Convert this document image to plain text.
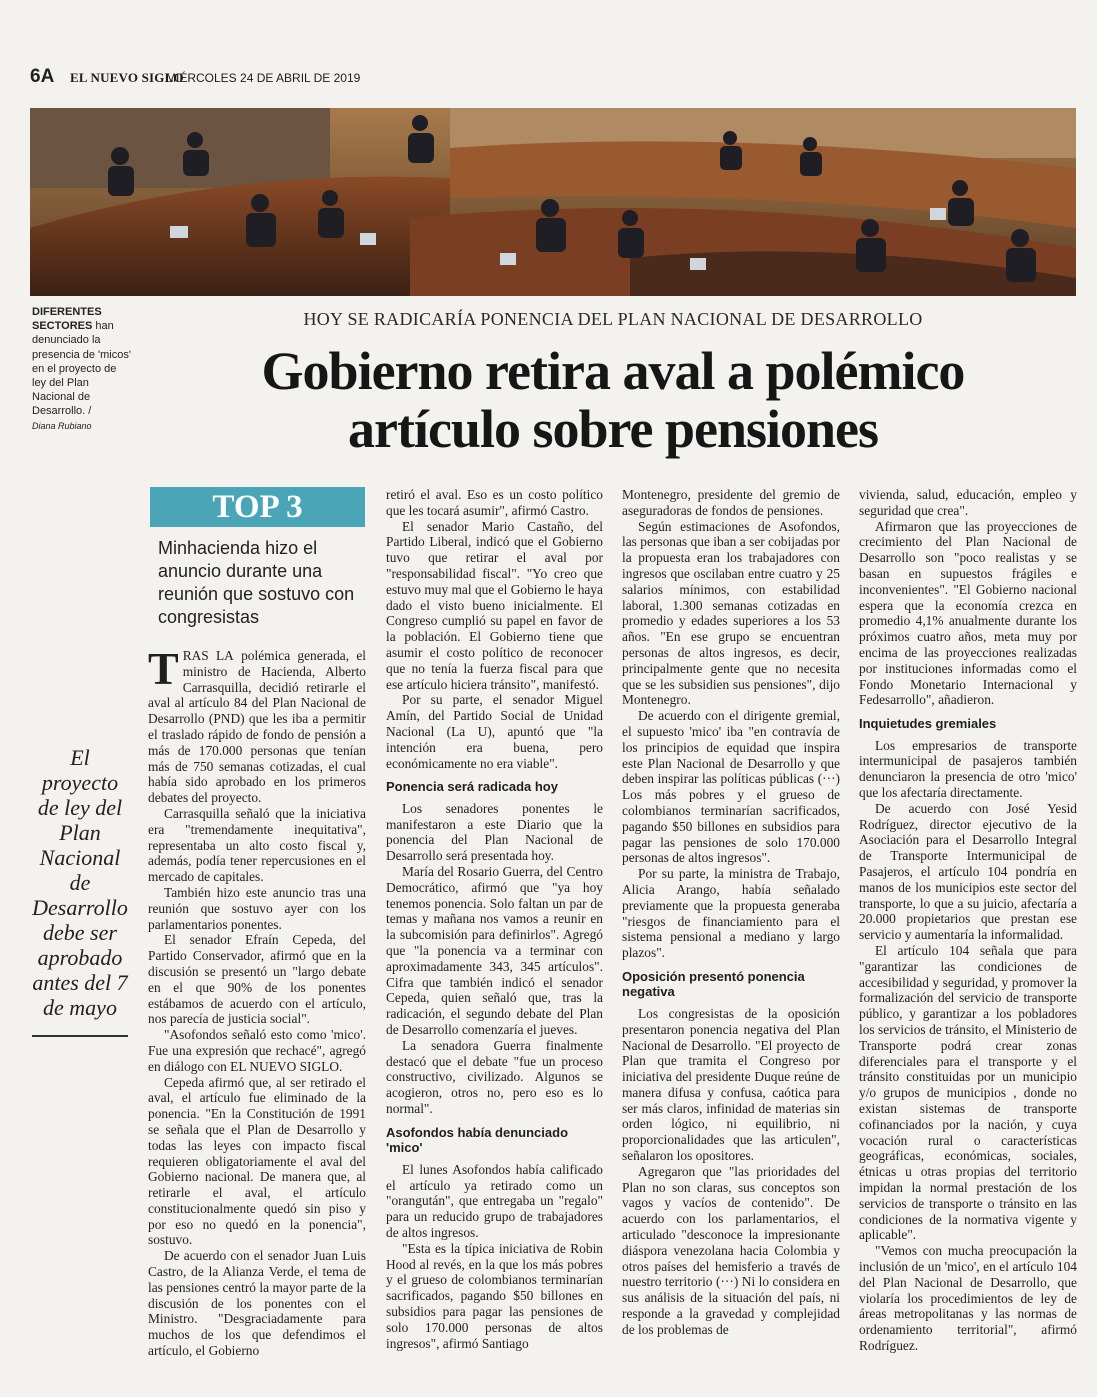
6A EL NUEVO SIGLO
MIÉRCOLES 24 DE ABRIL DE 2019
DIFERENTES SECTORES han denunciado la presencia de 'micos' en el proyecto de ley del Plan Nacional de Desarrollo. /
Diana Rubiano
HOY SE RADICARÍA PONENCIA DEL PLAN NACIONAL DE DESARROLLO
Gobierno retira aval a polémico
artículo sobre pensiones
TOP 3
Minhacienda hizo el anuncio durante una reunión que sostuvo con congresistas
El proyecto de ley del Plan Nacional de Desarrollo debe ser aprobado antes del 7 de mayo

TRAS LA polémica generada, el ministro de Hacienda, Alberto Carrasquilla, decidió retirarle el aval al artículo 84 del Plan Nacional de Desarrollo (PND) que les iba a permitir el traslado rápido de fondo de pensión a más de 170.000 personas que tenían más de 750 semanas cotizadas, el cual había sido aprobado en los primeros debates del proyecto.

Carrasquilla señaló que la iniciativa era "tremendamente inequitativa", representaba un alto costo fiscal y, además, podía tener repercusiones en el mercado de capitales.

También hizo este anuncio tras una reunión que sostuvo ayer con los parlamentarios ponentes.

El senador Efraín Cepeda, del Partido Conservador, afirmó que en la discusión se presentó un "largo debate en el que 90% de los ponentes estábamos de acuerdo con el artículo, nos parecía de justicia social".

"Asofondos señaló esto como 'mico'. Fue una expresión que rechacé", agregó en diálogo con EL NUEVO SIGLO.

Cepeda afirmó que, al ser retirado el aval, el artículo fue eliminado de la ponencia. "En la Constitución de 1991 se señala que el Plan de Desarrollo y todas las leyes con impacto fiscal requieren obligatoriamente el aval del Gobierno nacional. De manera que, al retirarle el aval, el artículo constitucionalmente quedó sin piso y por eso no quedó en la ponencia", sostuvo.

De acuerdo con el senador Juan Luis Castro, de la Alianza Verde, el tema de las pensiones centró la mayor parte de la discusión de los ponentes con el Ministro. "Desgraciadamente para muchos de los que defendimos el artículo, el Gobierno

retiró el aval. Eso es un costo político que les tocará asumir", afirmó Castro.

El senador Mario Castaño, del Partido Liberal, indicó que el Gobierno tuvo que retirar el aval por "responsabilidad fiscal". "Yo creo que estuvo muy mal que el Gobierno le haya dado el visto bueno inicialmente. El Congreso cumplió su papel en favor de la población. El Gobierno tiene que asumir el costo político de reconocer que no tenía la fuerza fiscal para que ese artículo hiciera tránsito", manifestó.

Por su parte, el senador Miguel Amín, del Partido Social de Unidad Nacional (La U), apuntó que "la intención era buena, pero económicamente no era viable".

Ponencia será radicada hoy

Los senadores ponentes le manifestaron a este Diario que la ponencia del Plan Nacional de Desarrollo será presentada hoy.

María del Rosario Guerra, del Centro Democrático, afirmó que "ya hoy tenemos ponencia. Solo faltan un par de temas y mañana nos vamos a reunir en la subcomisión para definirlos". Agregó que "la ponencia va a terminar con aproximadamente 343, 345 artículos". Cifra que también indicó el senador Cepeda, quien señaló que, tras la radicación, el segundo debate del Plan de Desarrollo comenzaría el jueves.

La senadora Guerra finalmente destacó que el debate "fue un proceso constructivo, civilizado. Algunos se acogieron, otros no, pero eso es lo normal".

Asofondos había denunciado 'mico'

El lunes Asofondos había calificado el artículo ya retirado como un "orangután", que entregaba un "regalo" para un reducido grupo de trabajadores de altos ingresos.

"Esta es la típica iniciativa de Robin Hood al revés, en la que los más pobres y el grueso de colombianos terminarían sacrificados, pagando $50 billones en subsidios para pagar las pensiones de solo 170.000 personas de altos ingresos", afirmó Santiago

Montenegro, presidente del gremio de aseguradoras de fondos de pensiones.

Según estimaciones de Asofondos, las personas que iban a ser cobijadas por la propuesta eran los trabajadores con ingresos que oscilaban entre cuatro y 25 salarios mínimos, con estabilidad laboral, 1.300 semanas cotizadas en promedio y edades superiores a los 53 años. "En ese grupo se encuentran personas de altos ingresos, es decir, principalmente gente que no necesita que se les subsidien sus pensiones", dijo Montenegro.

De acuerdo con el dirigente gremial, el supuesto 'mico' iba "en contravía de los principios de equidad que inspira este Plan Nacional de Desarrollo y que deben inspirar las políticas públicas (···) Los más pobres y el grueso de colombianos terminarían sacrificados, pagando $50 billones en subsidios para pagar las pensiones de solo 170.000 personas de altos ingresos".

Por su parte, la ministra de Trabajo, Alicia Arango, había señalado previamente que la propuesta generaba "riesgos de financiamiento para el sistema pensional a mediano y largo plazos".

Oposición presentó ponencia negativa

Los congresistas de la oposición presentaron ponencia negativa del Plan Nacional de Desarrollo. "El proyecto de Plan que tramita el Congreso por iniciativa del presidente Duque reúne de manera difusa y confusa, caótica para ser más claros, infinidad de materias sin orden lógico, ni equilibrio, ni proporcionalidades que las articulen", señalaron los opositores.

Agregaron que "las prioridades del Plan no son claras, sus conceptos son vagos y vacíos de contenido". De acuerdo con los parlamentarios, el articulado "desconoce la impresionante diáspora venezolana hacia Colombia y otros países del hemisferio a través de nuestro territorio (···) Ni lo considera en sus análisis de la situación del país, ni responde a la gravedad y complejidad de los problemas de

vivienda, salud, educación, empleo y seguridad que crea".

Afirmaron que las proyecciones de crecimiento del Plan Nacional de Desarrollo son "poco realistas y se basan en supuestos frágiles e inconvenientes". "El Gobierno nacional espera que la economía crezca en promedio 4,1% anualmente durante los próximos cuatro años, meta muy por encima de las proyecciones realizadas por instituciones informadas como el Fondo Monetario Internacional y Fedesarrollo", añadieron.

Inquietudes gremiales

Los empresarios de transporte intermunicipal de pasajeros también denunciaron la presencia de otro 'mico' que los afectaría directamente.

De acuerdo con José Yesid Rodríguez, director ejecutivo de la Asociación para el Desarrollo Integral de Transporte Intermunicipal de Pasajeros, el artículo 104 pondría en manos de los municipios este sector del transporte, lo que a su juicio, afectaría a 20.000 propietarios que prestan ese servicio y aumentaría la informalidad.

El artículo 104 señala que para "garantizar las condiciones de accesibilidad y seguridad, y promover la formalización del servicio de transporte público, y garantizar a los pobladores los servicios de tránsito, el Ministerio de Transporte podrá crear zonas diferenciales para el transporte y el tránsito constituidas por un municipio y/o grupos de municipios , donde no existan sistemas de transporte cofinanciados por la nación, y cuya vocación rural o características geográficas, económicas, sociales, étnicas u otras propias del territorio impidan la normal prestación de los servicios de transporte o tránsito en las condiciones de la normativa vigente y aplicable".

"Vemos con mucha preocupación la inclusión de un 'mico', en el artículo 104 del Plan Nacional de Desarrollo, que violaría los procedimientos de ley de áreas metropolitanas y las normas de ordenamiento territorial", afirmó Rodríguez.
